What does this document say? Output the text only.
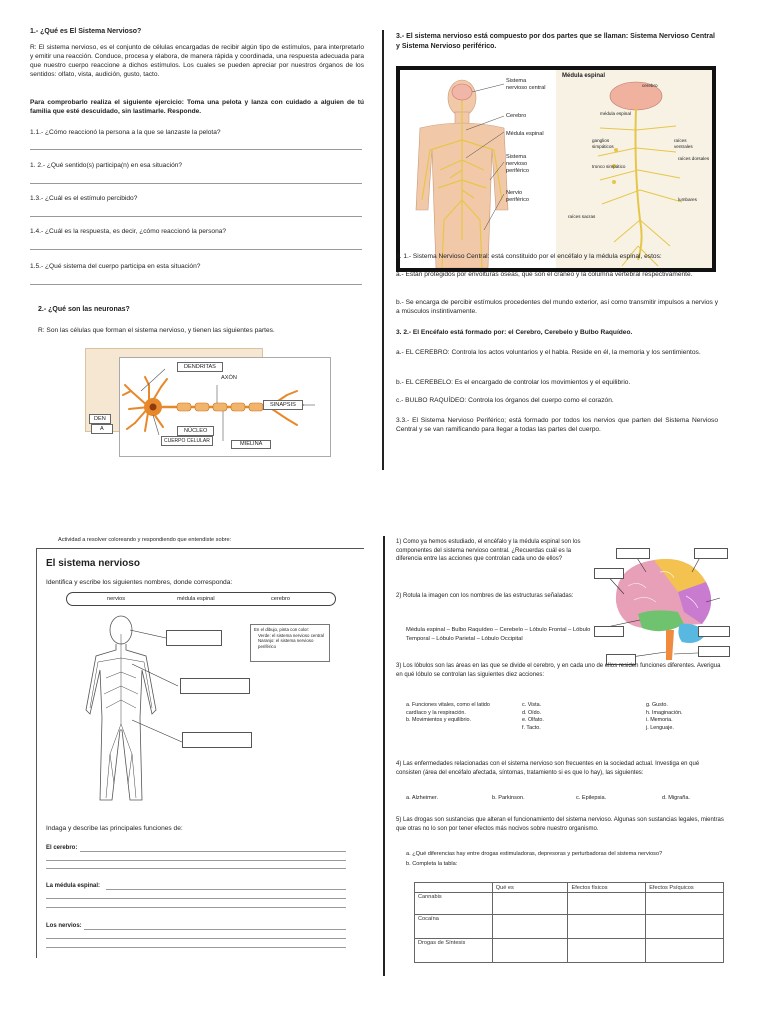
1.- ¿Qué es El Sistema Nervioso?
R: El sistema nervioso, es el conjunto de células encargadas de recibir algún tipo de estímulos, para interpretarlo y emitir una reacción. Conduce, procesa y elabora, de manera rápida y coordinada, una respuesta adecuada para que nuestro cuerpo reaccione a dichos estímulos. Los cuales se pueden apreciar por nuestros órganos de los sentidos: olfato, vista, audición, gusto, tacto.
Para comprobarlo realiza el siguiente ejercicio: Toma una pelota y lanza con cuidado a alguien de tú familia que esté descuidado, sin lastimarle. Responde.
1.1.- ¿Cómo reaccionó la persona a la que se lanzaste la pelota?
1. 2.- ¿Qué sentido(s) participa(n) en esa situación?
1.3.- ¿Cuál es el estímulo percibido?
1.4.- ¿Cuál es la respuesta, es decir, ¿cómo reaccionó la persona?
1.5.- ¿Qué sistema del cuerpo participa en esta situación?
2.- ¿Qué son las neuronas?
R: Son las células que forman el sistema nervioso, y tienen las siguientes partes.
DENDRITAS
AXÓN
SINAPSIS
NÚCLEO
CUERPO CELULAR	MIELINA
DEN
A
3.- El sistema nervioso está compuesto por dos partes que se llaman: Sistema Nervioso Central y Sistema Nervioso periférico.
Sistema nervioso central
Cerebro
Médula espinal
Sistema nervioso periférico
Nervio periférico
Médula espinal
cerebro
médula espinal
ganglios simpáticos
tronco simpático
raíces ventrales
raíces dorsales
lumbares
raíces sacras
3. 1.- Sistema Nervioso Central: está constituido por el encéfalo y la médula espinal, estos:
a.- Están protegidos por envolturas óseas, que son el cráneo y la columna vertebral respectivamente.
b.- Se encarga de percibir estímulos procedentes del mundo exterior, así como transmitir impulsos a nervios y a músculos instintivamente.
3. 2.- El Encéfalo está formado por: el Cerebro, Cerebelo y Bulbo Raquídeo.
a.- EL CEREBRO: Controla los actos voluntarios y el habla. Reside en él, la memoria y los sentimientos.
b.- EL CEREBELO: Es el encargado de controlar los movimientos y el equilibrio.
c.- BULBO RAQUÍDEO: Controla los órganos del cuerpo como el corazón.
3.3.- El Sistema Nervioso Periférico; está formado por todos los nervios que parten del Sistema Nervioso Central y se van ramificando para llegar a todas las partes del cuerpo.
Actividad a resolver coloreando y respondiendo que entendiste sobre:
El sistema nervioso
Identifica y escribe los siguientes nombres, donde corresponda:
nervios	médula espinal	cerebro
En el dibujo, pinta con color:
Verde: el sistema nervioso central
Naranjo: el sistema nervioso periférico
Indaga y describe las principales funciones de:
El cerebro:
La médula espinal:
Los nervios:
1) Como ya hemos estudiado, el encéfalo y la médula espinal son los componentes del sistema nervioso central. ¿Recuerdas cuál es la diferencia entre las acciones que controlan cada uno de ellos?
2) Rotula la imagen con los nombres de las estructuras señaladas:
Médula espinal – Bulbo Raquídeo – Cerebelo – Lóbulo Frontal – Lóbulo Temporal – Lóbulo Parietal – Lóbulo Occipital
3) Los lóbulos son las áreas en las que se divide el cerebro, y en cada uno de ellos residen funciones diferentes. Averigua en qué lóbulo se controlan las siguientes diez acciones:
a. Funciones vitales, como el latido cardíaco y la respiración.
b. Movimientos y equilibrio.
c. Vista.
d. Oído.
e. Olfato.
f. Tacto.
g. Gusto.
h. Imaginación.
i. Memoria.
j. Lenguaje.
4) Las enfermedades relacionadas con el sistema nervioso son frecuentes en la sociedad actual. Investiga en qué consisten (área del encéfalo afectada, síntomas, tratamiento si es que lo hay), las siguientes:
a. Alzheimer.	b. Parkinson.	c. Epilepsia.	d. Migraña.
5) Las drogas son sustancias que alteran el funcionamiento del sistema nervioso. Algunas son sustancias legales, mientras que otras no lo son por tener efectos más nocivos sobre nuestro organismo.
a. ¿Qué diferencias hay entre drogas estimuladoras, depresoras y perturbadoras del sistema nervioso?
b. Completa la tabla:
	Qué es	Efectos físicos	Efectos Psíquicos
Cannabis			
Cocaína			
Drogas de Síntesis			
